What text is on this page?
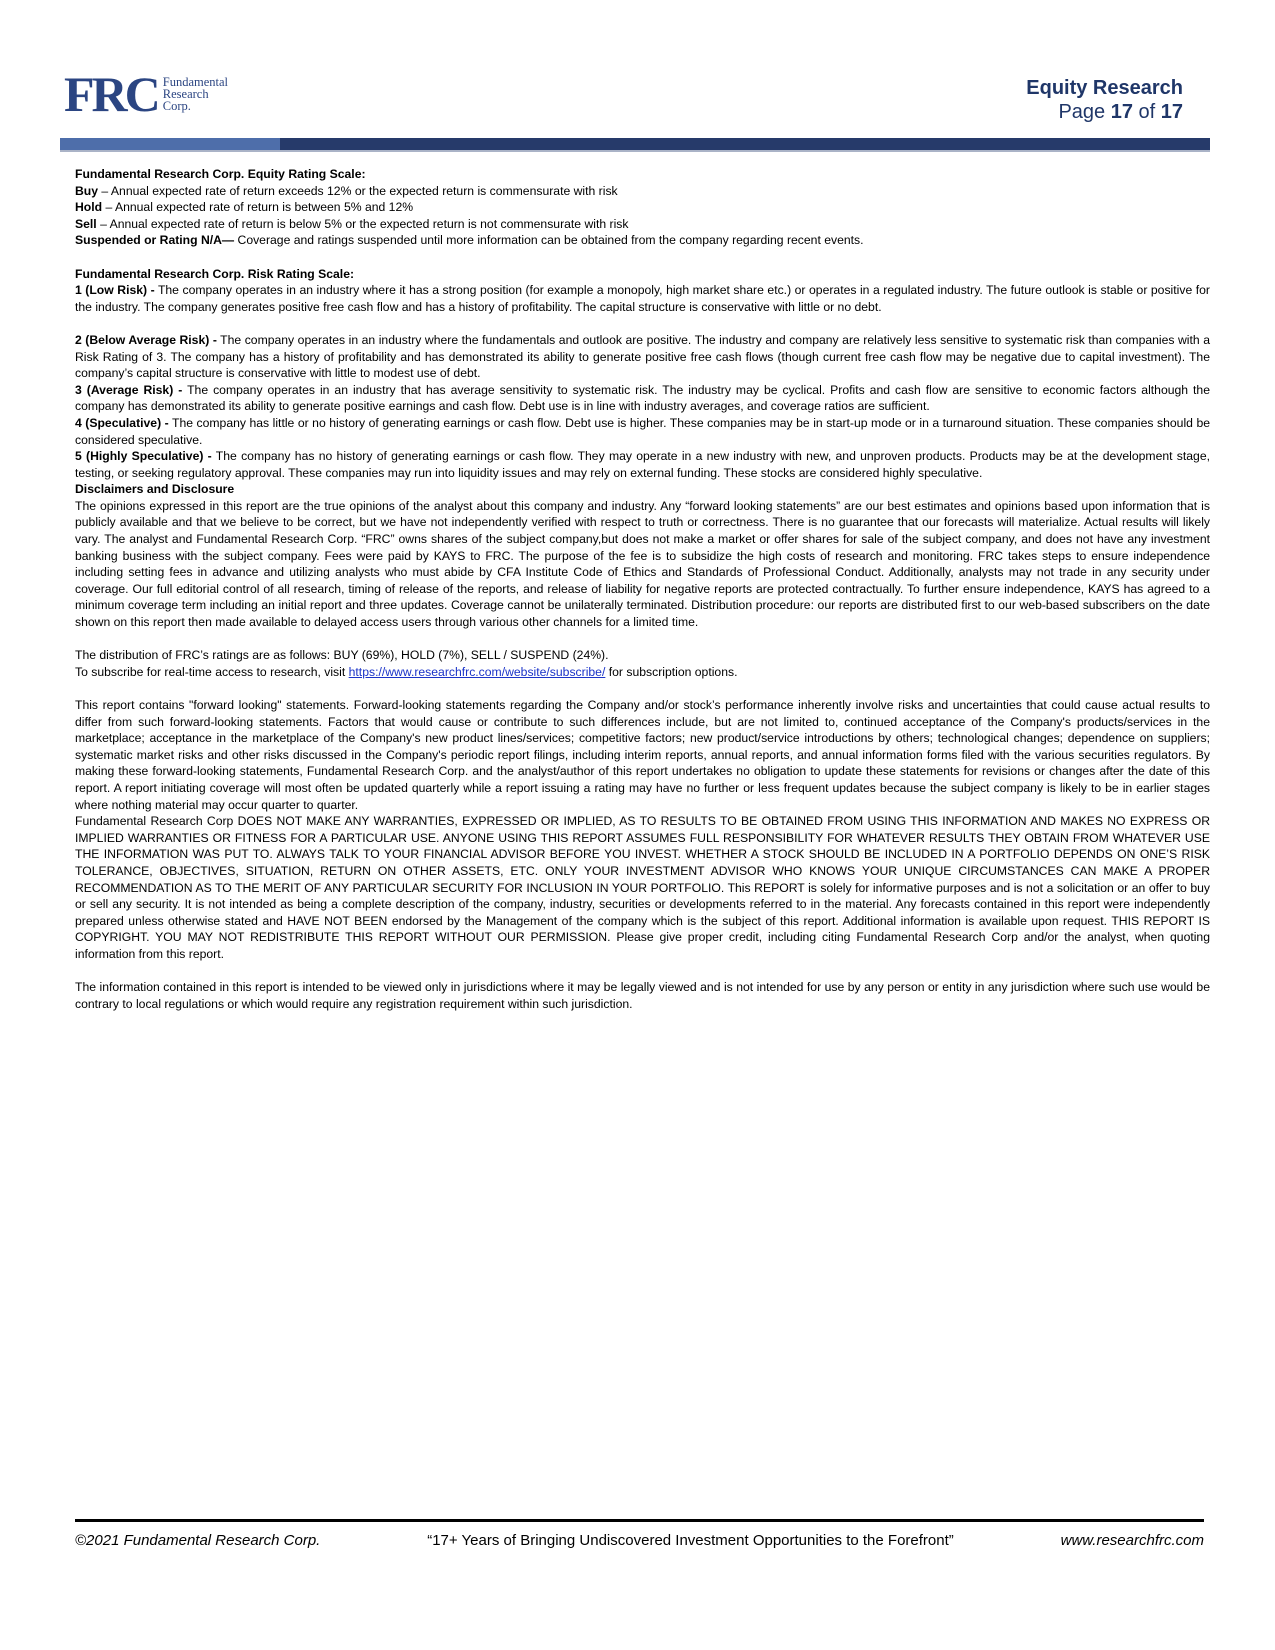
FRC Fundamental
Research
Corp.
Equity Research
Page 17 of 17

Fundamental Research Corp. Equity Rating Scale:

Buy – Annual expected rate of return exceeds 12% or the expected return is commensurate with risk

Hold – Annual expected rate of return is between 5% and 12%

Sell – Annual expected rate of return is below 5% or the expected return is not commensurate with risk

Suspended or Rating N/A— Coverage and ratings suspended until more information can be obtained from the company regarding recent events.

Fundamental Research Corp. Risk Rating Scale:

1 (Low Risk) - The company operates in an industry where it has a strong position (for example a monopoly, high market share etc.) or operates in a regulated industry. The future outlook is stable or positive for the industry. The company generates positive free cash flow and has a history of profitability. The capital structure is conservative with little or no debt.

2 (Below Average Risk) - The company operates in an industry where the fundamentals and outlook are positive. The industry and company are relatively less sensitive to systematic risk than companies with a Risk Rating of 3. The company has a history of profitability and has demonstrated its ability to generate positive free cash flows (though current free cash flow may be negative due to capital investment). The company’s capital structure is conservative with little to modest use of debt.

3 (Average Risk) - The company operates in an industry that has average sensitivity to systematic risk. The industry may be cyclical. Profits and cash flow are sensitive to economic factors although the company has demonstrated its ability to generate positive earnings and cash flow. Debt use is in line with industry averages, and coverage ratios are sufficient.

4 (Speculative) - The company has little or no history of generating earnings or cash flow. Debt use is higher. These companies may be in start-up mode or in a turnaround situation. These companies should be considered speculative.

5 (Highly Speculative) - The company has no history of generating earnings or cash flow. They may operate in a new industry with new, and unproven products. Products may be at the development stage, testing, or seeking regulatory approval. These companies may run into liquidity issues and may rely on external funding. These stocks are considered highly speculative.

Disclaimers and Disclosure

The opinions expressed in this report are the true opinions of the analyst about this company and industry. Any “forward looking statements” are our best estimates and opinions based upon information that is publicly available and that we believe to be correct, but we have not independently verified with respect to truth or correctness. There is no guarantee that our forecasts will materialize. Actual results will likely vary. The analyst and Fundamental Research Corp. “FRC” owns shares of the subject company,but does not make a market or offer shares for sale of the subject company, and does not have any investment banking business with the subject company. Fees were paid by KAYS to FRC. The purpose of the fee is to subsidize the high costs of research and monitoring. FRC takes steps to ensure independence including setting fees in advance and utilizing analysts who must abide by CFA Institute Code of Ethics and Standards of Professional Conduct. Additionally, analysts may not trade in any security under coverage. Our full editorial control of all research, timing of release of the reports, and release of liability for negative reports are protected contractually. To further ensure independence, KAYS has agreed to a minimum coverage term including an initial report and three updates. Coverage cannot be unilaterally terminated. Distribution procedure: our reports are distributed first to our web-based subscribers on the date shown on this report then made available to delayed access users through various other channels for a limited time.

The distribution of FRC’s ratings are as follows: BUY (69%), HOLD (7%), SELL / SUSPEND (24%).

To subscribe for real-time access to research, visit https://www.researchfrc.com/website/subscribe/ for subscription options.

This report contains "forward looking" statements. Forward-looking statements regarding the Company and/or stock’s performance inherently involve risks and uncertainties that could cause actual results to differ from such forward-looking statements. Factors that would cause or contribute to such differences include, but are not limited to, continued acceptance of the Company's products/services in the marketplace; acceptance in the marketplace of the Company's new product lines/services; competitive factors; new product/service introductions by others; technological changes; dependence on suppliers; systematic market risks and other risks discussed in the Company's periodic report filings, including interim reports, annual reports, and annual information forms filed with the various securities regulators. By making these forward-looking statements, Fundamental Research Corp. and the analyst/author of this report undertakes no obligation to update these statements for revisions or changes after the date of this report. A report initiating coverage will most often be updated quarterly while a report issuing a rating may have no further or less frequent updates because the subject company is likely to be in earlier stages where nothing material may occur quarter to quarter.

Fundamental Research Corp DOES NOT MAKE ANY WARRANTIES, EXPRESSED OR IMPLIED, AS TO RESULTS TO BE OBTAINED FROM USING THIS INFORMATION AND MAKES NO EXPRESS OR IMPLIED WARRANTIES OR FITNESS FOR A PARTICULAR USE. ANYONE USING THIS REPORT ASSUMES FULL RESPONSIBILITY FOR WHATEVER RESULTS THEY OBTAIN FROM WHATEVER USE THE INFORMATION WAS PUT TO. ALWAYS TALK TO YOUR FINANCIAL ADVISOR BEFORE YOU INVEST. WHETHER A STOCK SHOULD BE INCLUDED IN A PORTFOLIO DEPENDS ON ONE’S RISK TOLERANCE, OBJECTIVES, SITUATION, RETURN ON OTHER ASSETS, ETC. ONLY YOUR INVESTMENT ADVISOR WHO KNOWS YOUR UNIQUE CIRCUMSTANCES CAN MAKE A PROPER RECOMMENDATION AS TO THE MERIT OF ANY PARTICULAR SECURITY FOR INCLUSION IN YOUR PORTFOLIO. This REPORT is solely for informative purposes and is not a solicitation or an offer to buy or sell any security. It is not intended as being a complete description of the company, industry, securities or developments referred to in the material. Any forecasts contained in this report were independently prepared unless otherwise stated and HAVE NOT BEEN endorsed by the Management of the company which is the subject of this report. Additional information is available upon request. THIS REPORT IS COPYRIGHT. YOU MAY NOT REDISTRIBUTE THIS REPORT WITHOUT OUR PERMISSION. Please give proper credit, including citing Fundamental Research Corp and/or the analyst, when quoting information from this report.

The information contained in this report is intended to be viewed only in jurisdictions where it may be legally viewed and is not intended for use by any person or entity in any jurisdiction where such use would be contrary to local regulations or which would require any registration requirement within such jurisdiction.

©2021 Fundamental Research Corp.	“17+ Years of Bringing Undiscovered Investment Opportunities to the Forefront”	www.researchfrc.com
